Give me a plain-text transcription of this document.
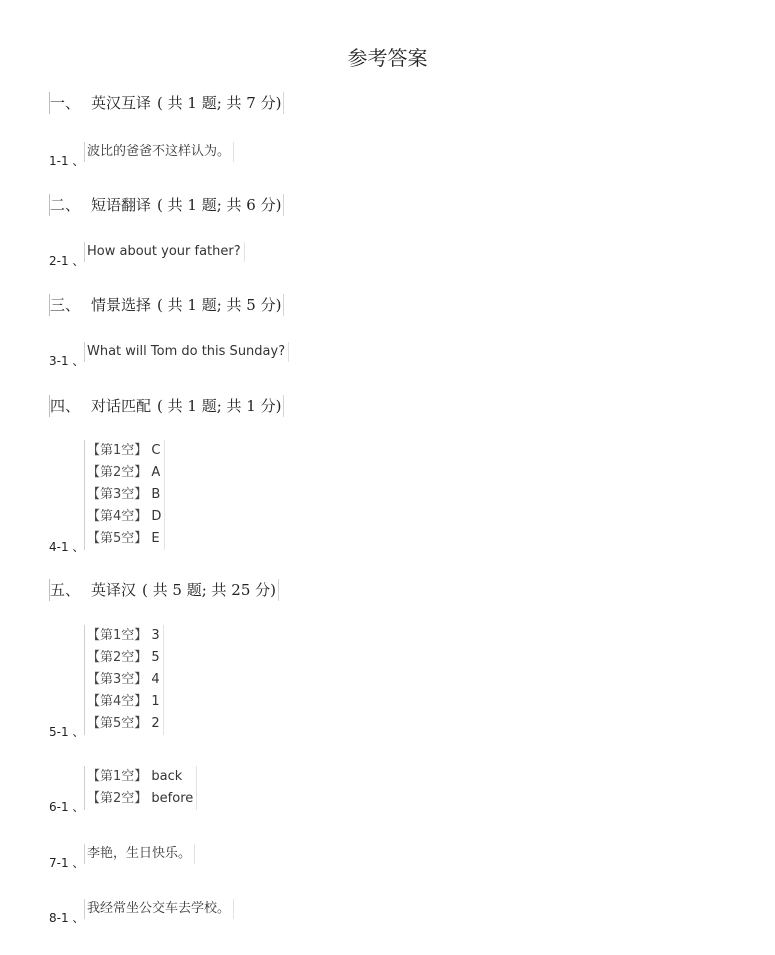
参考答案
一、 英汉互译 ( 共 1 题; 共 7 分)
1-1 、
波比的爸爸不这样认为。
二、 短语翻译 ( 共 1 题; 共 6 分)
2-1 、
How about your father?
三、 情景选择 ( 共 1 题; 共 5 分)
3-1 、
What will Tom do this Sunday?
四、 对话匹配 ( 共 1 题; 共 1 分)
4-1 、
【第1空】 C
【第2空】 A
【第3空】 B
【第4空】 D
【第5空】 E
五、 英译汉 ( 共 5 题; 共 25 分)
5-1 、
【第1空】 3
【第2空】 5
【第3空】 4
【第4空】 1
【第5空】 2
6-1 、
【第1空】 back
【第2空】 before
7-1 、
李艳，生日快乐。
8-1 、
我经常坐公交车去学校。
